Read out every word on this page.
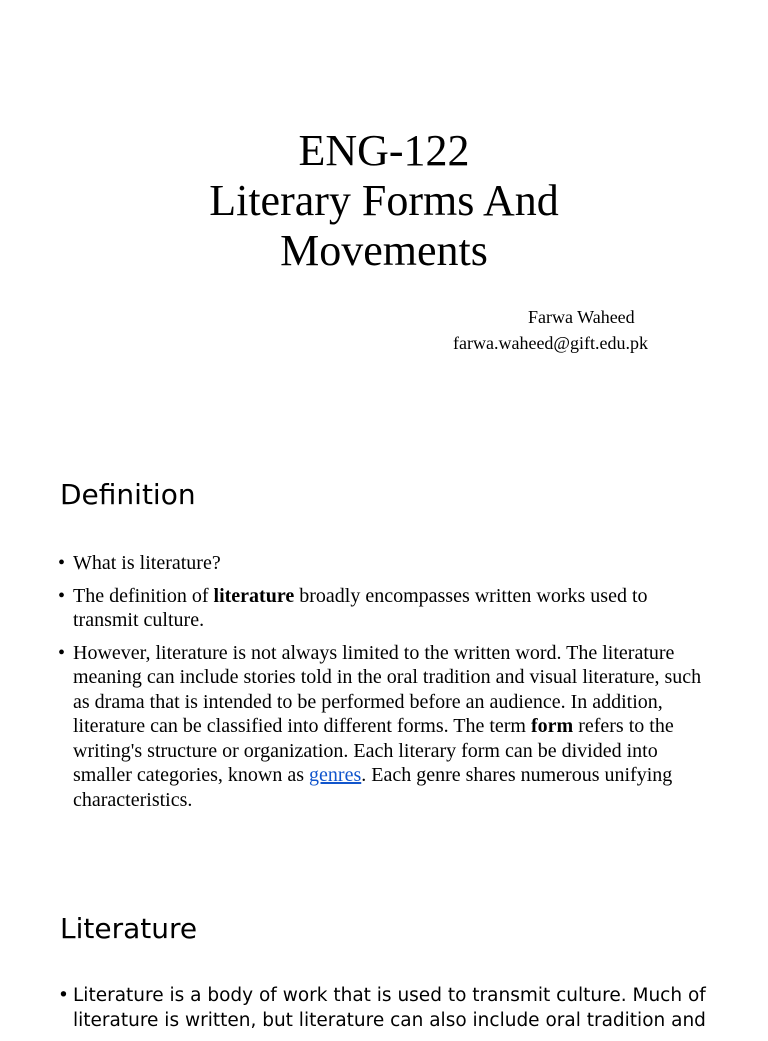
ENG-122
Literary Forms And
Movements
Farwa Waheed
farwa.waheed@gift.edu.pk
Definition
• What is literature?
• The definition of literature broadly encompasses written works used to transmit culture.
• However, literature is not always limited to the written word. The literature meaning can include stories told in the oral tradition and visual literature, such as drama that is intended to be performed before an audience. In addition, literature can be classified into different forms. The term form refers to the writing's structure or organization. Each literary form can be divided into smaller categories, known as genres. Each genre shares numerous unifying characteristics.
Literature
• Literature is a body of work that is used to transmit culture. Much of literature is written, but literature can also include oral tradition and
